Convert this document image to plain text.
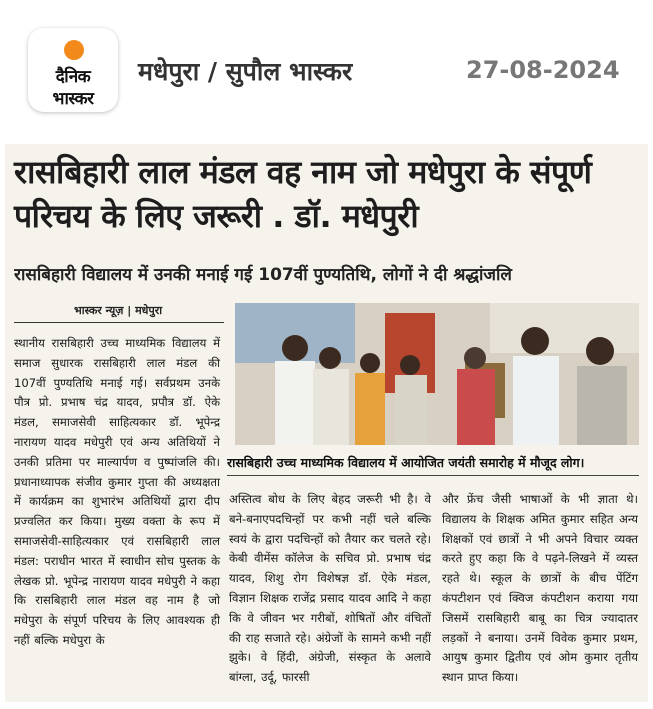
दैनिक
भास्कर
मधेपुरा / सुपौल भास्कर	27-08-2024
रासबिहारी लाल मंडल वह नाम जो मधेपुरा के संपूर्ण परिचय के लिए जरूरी . डॉ. मधेपुरी
रासबिहारी विद्यालय में उनकी मनाई गई 107वीं पुण्यतिथि, लोगों ने दी श्रद्धांजलि
भास्कर न्यूज़ | मधेपुरा
रासबिहारी उच्च माध्यमिक विद्यालय में आयोजित जयंती समारोह में मौजूद लोग।

स्थानीय रासबिहारी उच्च माध्यमिक विद्यालय में समाज सुधारक रासबिहारी लाल मंडल की 107वीं पुण्यतिथि मनाई गई। सर्वप्रथम उनके पौत्र प्रो. प्रभाष चंद्र यादव, प्रपौत्र डॉ. ऐके मंडल, समाजसेवी साहित्यकार डॉ. भूपेन्द्र नारायण यादव मधेपुरी एवं अन्य अतिथियों ने उनकी प्रतिमा पर माल्यार्पण व पुष्पांजलि की। प्रधानाध्यापक संजीव कुमार गुप्ता की अध्यक्षता में कार्यक्रम का शुभारंभ अतिथियों द्वारा दीप प्रज्वलित कर किया। मुख्य वक्ता के रूप में समाजसेवी-साहित्यकार एवं रासबिहारी लाल मंडल: पराधीन भारत में स्वाधीन सोच पुस्तक के लेखक प्रो. भूपेन्द्र नारायण यादव मधेपुरी ने कहा कि रासबिहारी लाल मंडल वह नाम है जो मधेपुरा के संपूर्ण परिचय के लिए आवश्यक ही नहीं बल्कि मधेपुरा के

अस्तित्व बोध के लिए बेहद जरूरी भी है। वे बने-बनाएपदचिन्हों पर कभी नहीं चले बल्कि स्वयं के द्वारा पदचिन्हों को तैयार कर चलते रहे। केबी वीमेंस कॉलेज के सचिव प्रो. प्रभाष चंद्र यादव, शिशु रोग विशेषज्ञ डॉ. ऐके मंडल, विज्ञान शिक्षक राजेंद्र प्रसाद यादव आदि ने कहा कि वे जीवन भर गरीबों, शोषितों और वंचितों की राह सजाते रहे। अंग्रेजों के सामने कभी नहीं झुके। वे हिंदी, अंग्रेजी, संस्कृत के अलावे बांग्ला, उर्दू, फारसी

और फ्रेंच जैसी भाषाओं के भी ज्ञाता थे। विद्यालय के शिक्षक अमित कुमार सहित अन्य शिक्षकों एवं छात्रों ने भी अपने विचार व्यक्त करते हुए कहा कि वे पढ़ने-लिखने में व्यस्त रहते थे। स्कूल के छात्रों के बीच पेंटिंग कंपटीशन एवं क्विज कंपटीशन कराया गया जिसमें रासबिहारी बाबू का चित्र ज्यादातर लड़कों ने बनाया। उनमें विवेक कुमार प्रथम, आयुष कुमार द्वितीय एवं ओम कुमार तृतीय स्थान प्राप्त किया।
